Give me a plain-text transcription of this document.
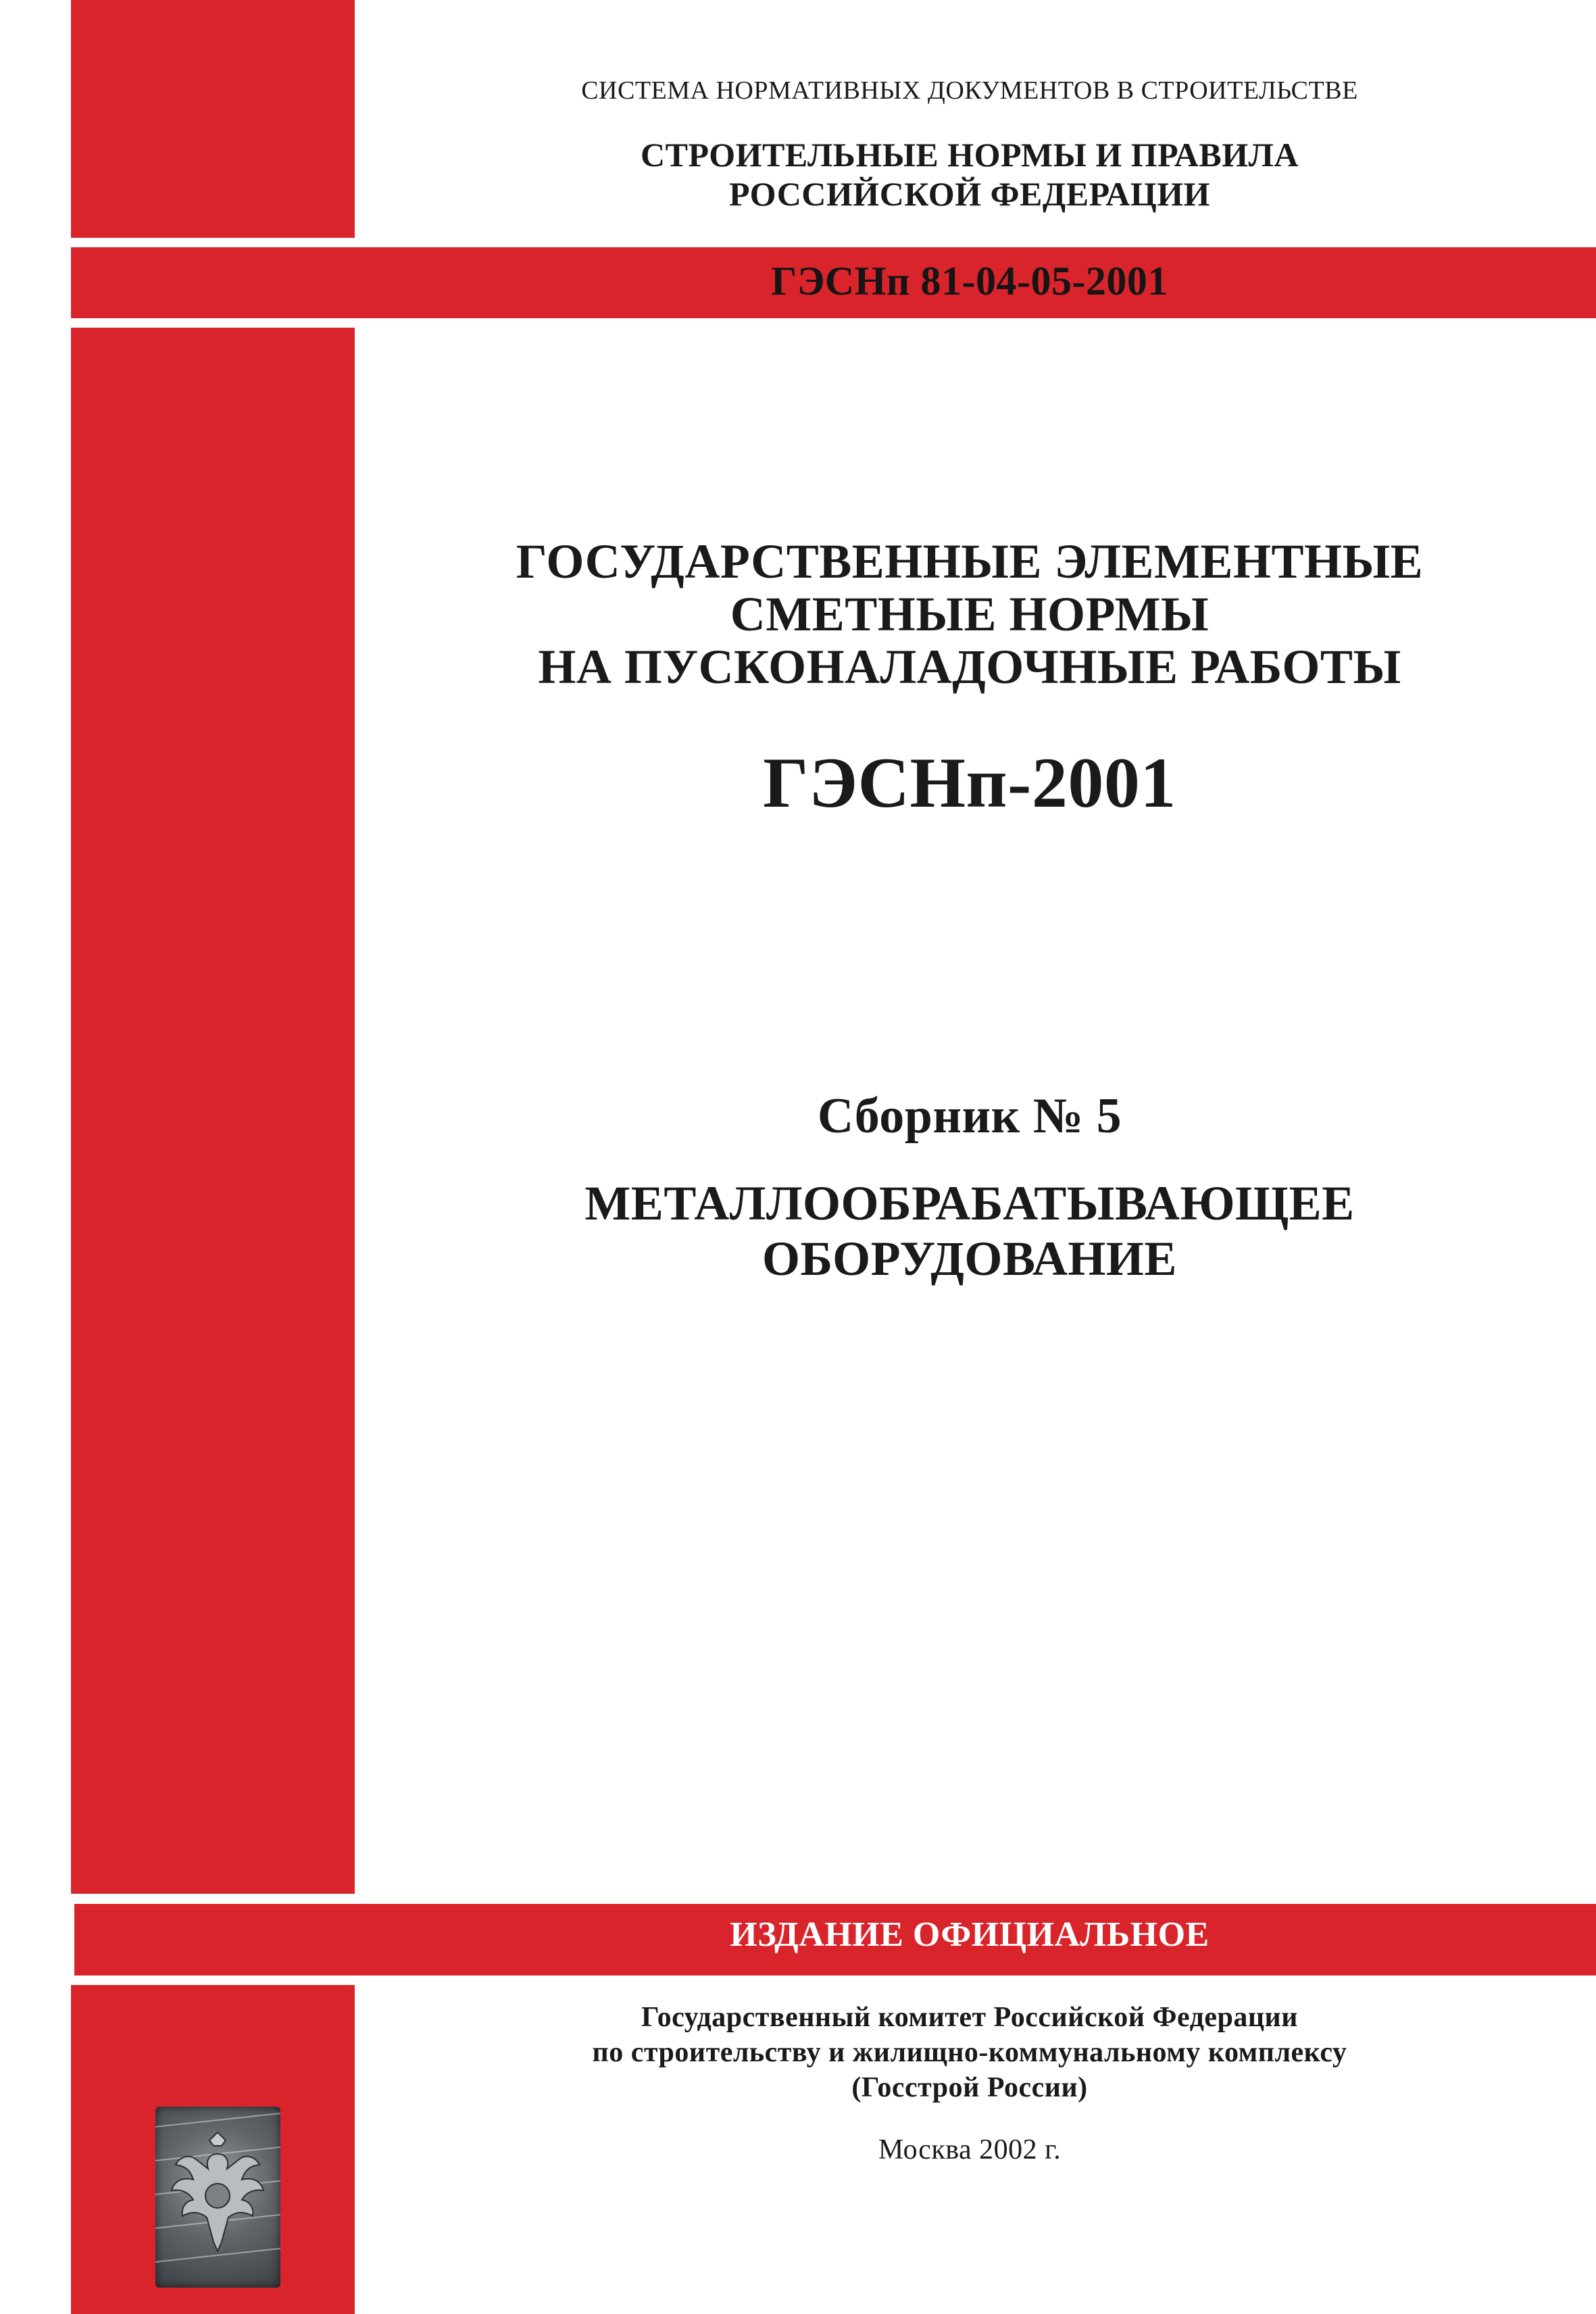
СИСТЕМА НОРМАТИВНЫХ ДОКУМЕНТОВ В СТРОИТЕЛЬСТВЕ
СТРОИТЕЛЬНЫЕ НОРМЫ И ПРАВИЛА
РОССИЙСКОЙ ФЕДЕРАЦИИ
ГЭСНп 81-04-05-2001
ГОСУДАРСТВЕННЫЕ ЭЛЕМЕНТНЫЕ
СМЕТНЫЕ НОРМЫ
НА ПУСКОНАЛАДОЧНЫЕ РАБОТЫ
ГЭСНп-2001
Сборник № 5
МЕТАЛЛООБРАБАТЫВАЮЩЕЕ
ОБОРУДОВАНИЕ
ИЗДАНИЕ ОФИЦИАЛЬНОЕ
Государственный комитет Российской Федерации
по строительству и жилищно-коммунальному комплексу
(Госстрой России)
Москва 2002 г.
